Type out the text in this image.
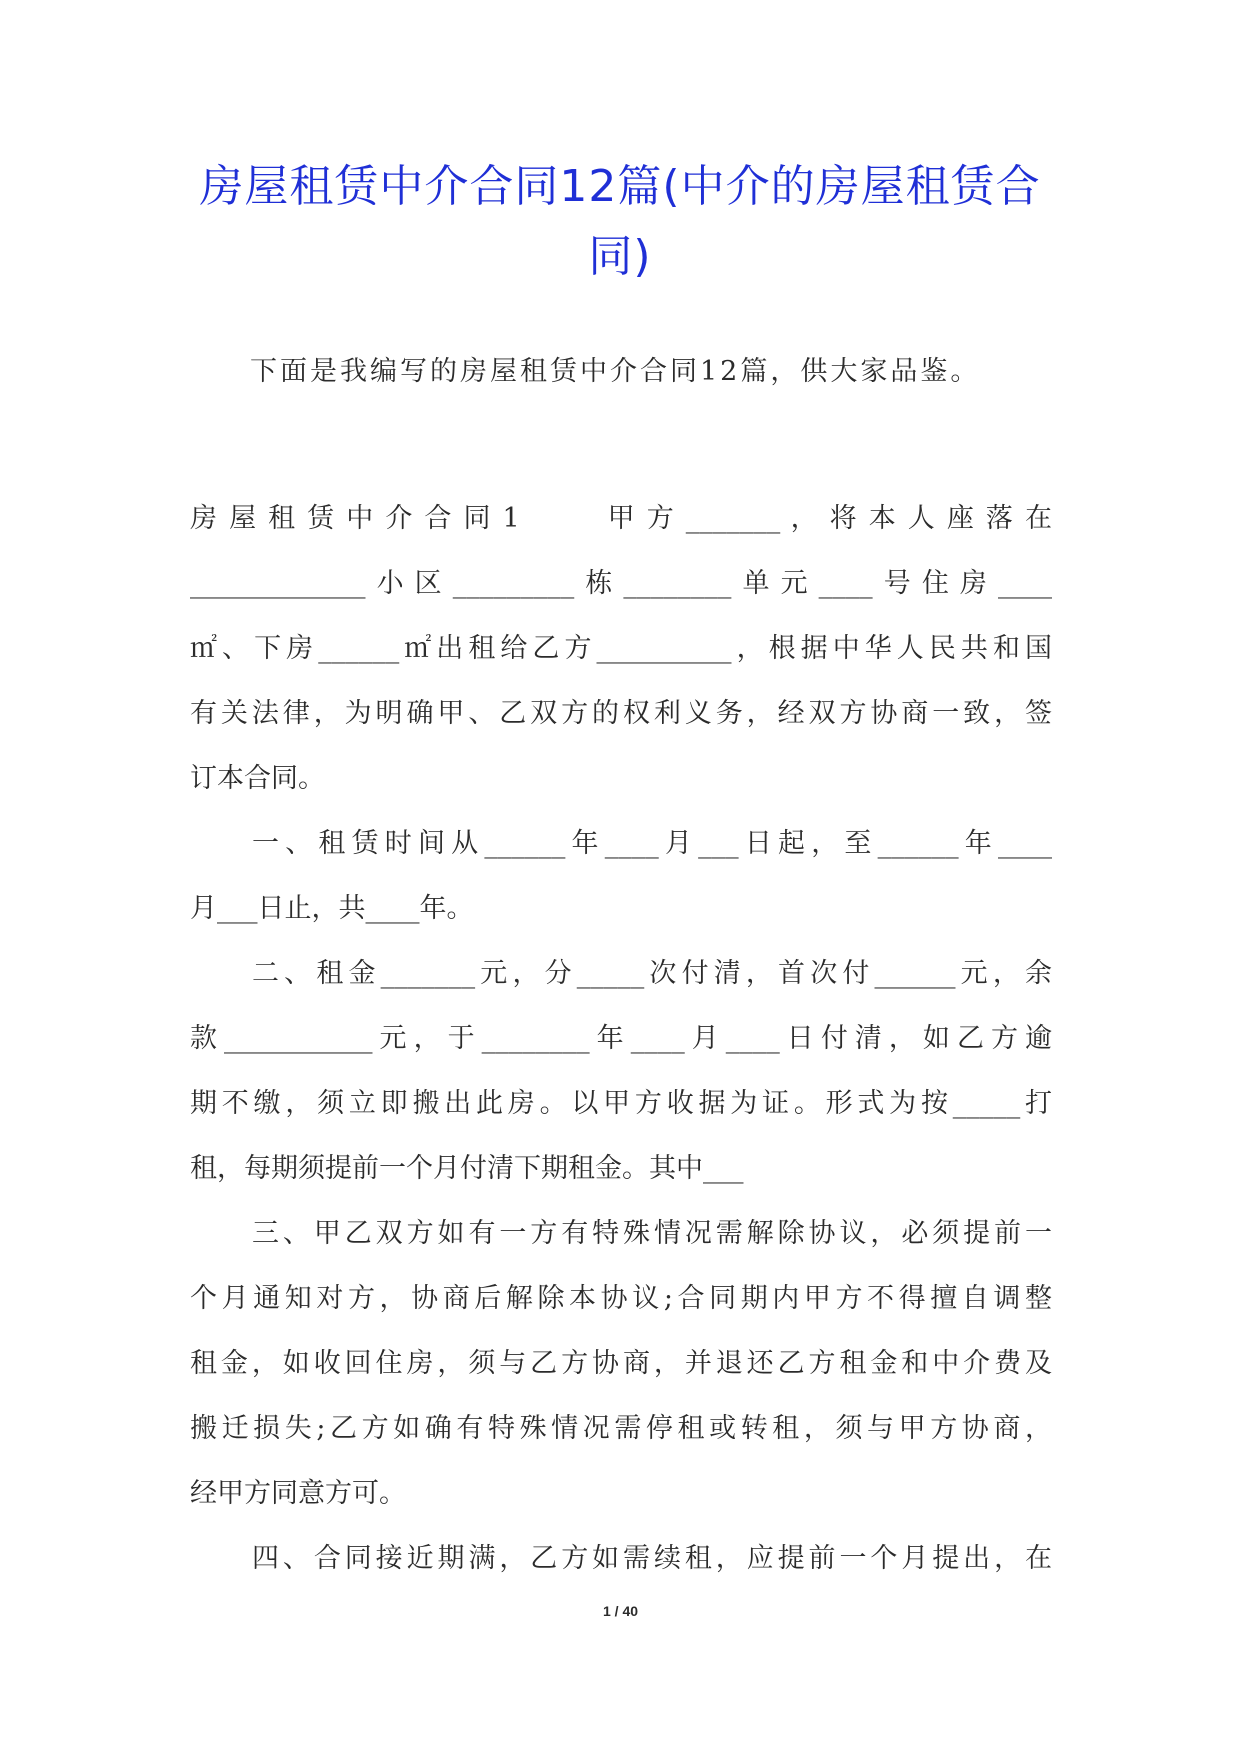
房屋租赁中介合同12篇(中介的房屋租赁合
同)
下面是我编写的房屋租赁中介合同12篇，供大家品鉴。
房 屋 租 赁 中 介 合 同 1　　　甲 方 _______ ， 将 本 人 座 落 在
_____________小区_________栋________单元____号住房____
㎡、下房______㎡出租给乙方__________，根据中华人民共和国
有关法律，为明确甲、乙双方的权利义务，经双方协商一致，签
订本合同。
一、租赁时间从______年____月___日起，至______年____
月___日止，共____年。
二、租金_______元，分_____次付清，首次付______元，余
款___________元，于________年____月____日付清，如乙方逾
期不缴，须立即搬出此房。以甲方收据为证。形式为按_____打
租，每期须提前一个月付清下期租金。其中___
三、甲乙双方如有一方有特殊情况需解除协议，必须提前一
个月通知对方，协商后解除本协议;合同期内甲方不得擅自调整
租金，如收回住房，须与乙方协商，并退还乙方租金和中介费及
搬迁损失;乙方如确有特殊情况需停租或转租，须与甲方协商，
经甲方同意方可。
四、合同接近期满，乙方如需续租，应提前一个月提出，在
1 / 40
